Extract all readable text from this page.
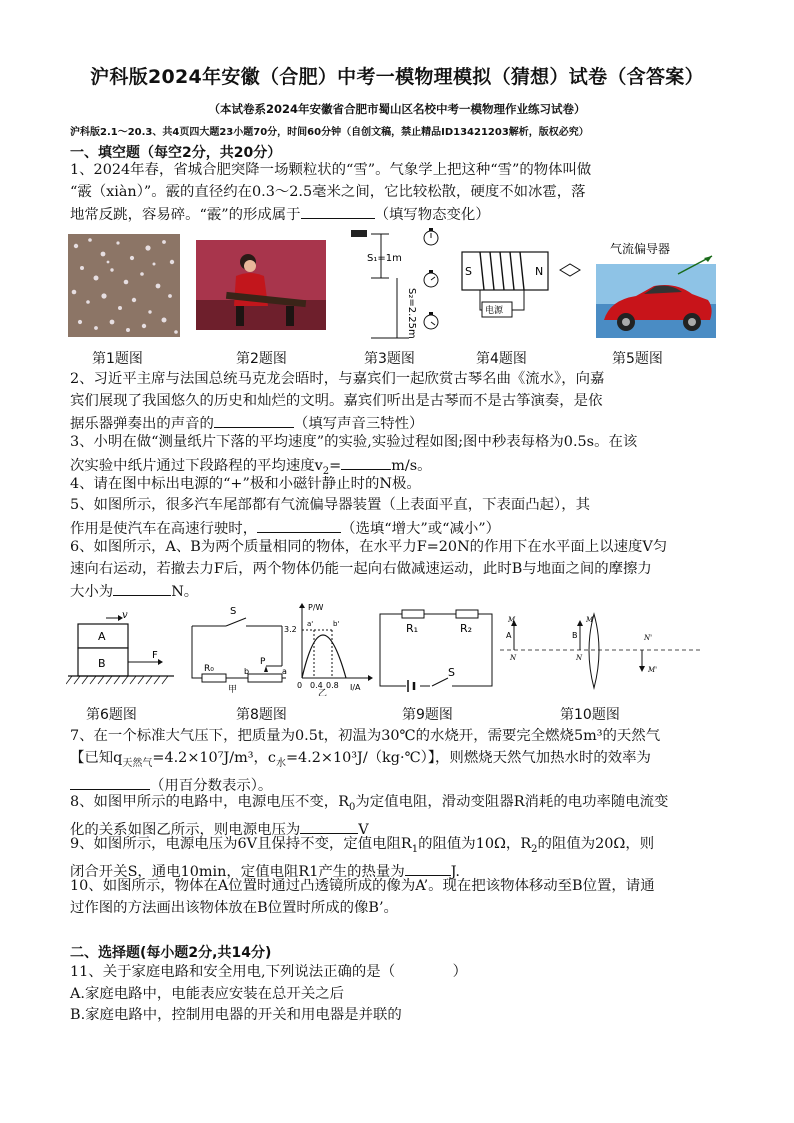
沪科版2024年安徽（合肥）中考一模物理模拟（猜想）试卷（含答案）
（本试卷系2024年安徽省合肥市蜀山区名校中考一模物理作业练习试卷）
沪科版2.1～20.3、共4页四大题23小题70分，时间60分钟（自创文稿，禁止精品ID13421203解析，版权必究）
一、填空题（每空2分，共20分）

1、2024年春，省城合肥突降一场颗粒状的“雪”。气象学上把这种“雪”的物体叫做

“霰（xiàn）”。霰的直径约在0.3～2.5毫米之间，它比较松散，硬度不如冰雹，落

地常反跳，容易碎。“霰”的形成属于	（填写物态变化）

S₁=1m
S₂=2.25m
S	N
电源
气流偏导器
第1题图	第2题图	第3题图	第4题图	第5题图

2、习近平主席与法国总统马克龙会晤时，与嘉宾们一起欣赏古琴名曲《流水》，向嘉

宾们展现了我国悠久的历史和灿烂的文明。嘉宾们听出是古琴而不是古筝演奏，是依

据乐器弹奏出的声音的	（填写声音三特性）

3、小明在做“测量纸片下落的平均速度”的实验,实验过程如图;图中秒表每格为0.5s。在该

次实验中纸片通过下段路程的平均速度$v_2=$	m/s。

4、请在图中标出电源的“+”极和小磁针静止时的N极。

5、如图所示，很多汽车尾部都有气流偏导器装置（上表面平直，下表面凸起），其

作用是使汽车在高速行驶时，	（选填“增大”或“减小”）

6、如图所示，A、B为两个质量相同的物体，在水平力F=20N的作用下在水平面上以速度V匀

速向右运动，若撤去力F后，两个物体仍能一起向右做减速运动，此时B与地面之间的摩擦力

大小为	N。

A
B
v
F
S
R₀
P
b	a
甲
P/W
I/A
3.2
0 0.4 0.8
a'	b'
乙
R₁	R₂
S
M
A
N
B
M
N
N'
M'
第6题图	第8题图	第9题图	第10题图

7、在一个标准大气压下，把质量为0.5t，初温为30℃的水烧开，需要完全燃烧5m³的天然气

【已知$q_{天然气}=4.2\times 10^7J/m^3$，$c_水=4.2\times 10^3J/(kg\cdot℃)$】，则燃烧天然气加热水时的效率为

（用百分数表示）。

8、如图甲所示的电路中，电源电压不变，$R_0$为定值电阻，滑动变阻器R消耗的电功率随电流变

化的关系如图乙所示，则电源电压为	V

9、如图所示，电源电压为6V且保持不变，定值电阻$R_1$的阻值为10Ω，$R_2$的阻值为20Ω，则

闭合开关S，通电10min，定值电阻R1产生的热量为	J.

10、如图所示，物体在A位置时通过凸透镜所成的像为A’。现在把该物体移动至B位置，请通

过作图的方法画出该物体放在B位置时所成的像B’。

二、选择题(每小题2分,共14分)

11、关于家庭电路和安全用电,下列说法正确的是（　　　　）

A.家庭电路中，电能表应安装在总开关之后

B.家庭电路中，控制用电器的开关和用电器是并联的
